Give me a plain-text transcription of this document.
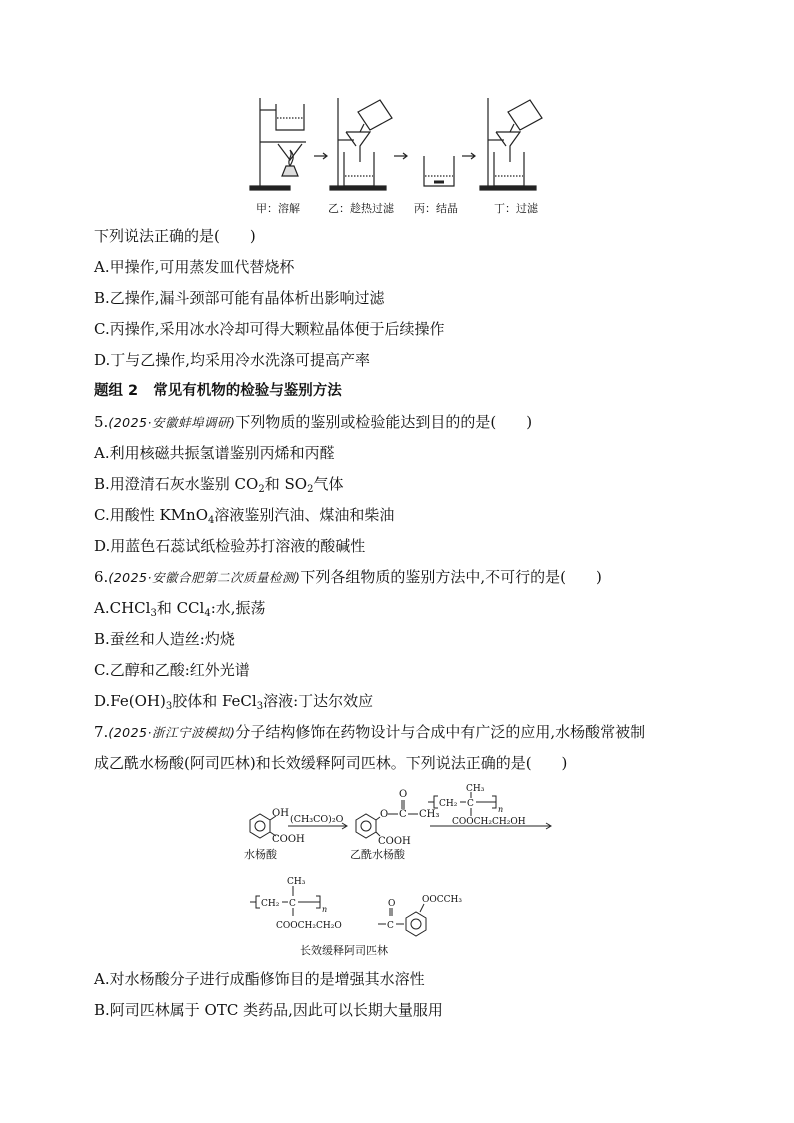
甲：溶解	乙：趁热过滤 丙：结晶	丁：过滤
下列说法正确的是(　　)
A.甲操作,可用蒸发皿代替烧杯
B.乙操作,漏斗颈部可能有晶体析出影响过滤
C.丙操作,采用冰水冷却可得大颗粒晶体便于后续操作
D.丁与乙操作,均采用冷水洗涤可提高产率
题组 2 常见有机物的检验与鉴别方法
5.(2025·安徽蚌埠调研)下列物质的鉴别或检验能达到目的的是(　　)
A.利用核磁共振氢谱鉴别丙烯和丙醛
B.用澄清石灰水鉴别 $CO_2$和 $SO_2$气体
C.用酸性 KMnO$_4$溶液鉴别汽油、煤油和柴油
D.用蓝色石蕊试纸检验苏打溶液的酸碱性
6.(2025·安徽合肥第二次质量检测)下列各组物质的鉴别方法中,不可行的是(　　)
A.CHCl$_3$和 CCl$_4$:水,振荡
B.蚕丝和人造丝:灼烧
C.乙醇和乙酸:红外光谱
$D.Fe(OH)_3$胶体和 FeCl$_3$溶液:丁达尔效应
7.(2025·浙江宁波模拟)分子结构修饰在药物设计与合成中有广泛的应用,水杨酸常被制
成乙酰水杨酸(阿司匹林)和长效缓释阿司匹林。下列说法正确的是(　　)
OH
COOH
水杨酸
(CH₃CO)₂O	O C CH₃
O
COOH
乙酰水杨酸
CH₂ C
n
CH₃
COOCH₂CH₂OH
CH₃
CH₂ C
n
COOCH₂CH₂O	C
O	OOCCH₃
长效缓释阿司匹林
A.对水杨酸分子进行成酯修饰目的是增强其水溶性
B.阿司匹林属于 OTC 类药品,因此可以长期大量服用
